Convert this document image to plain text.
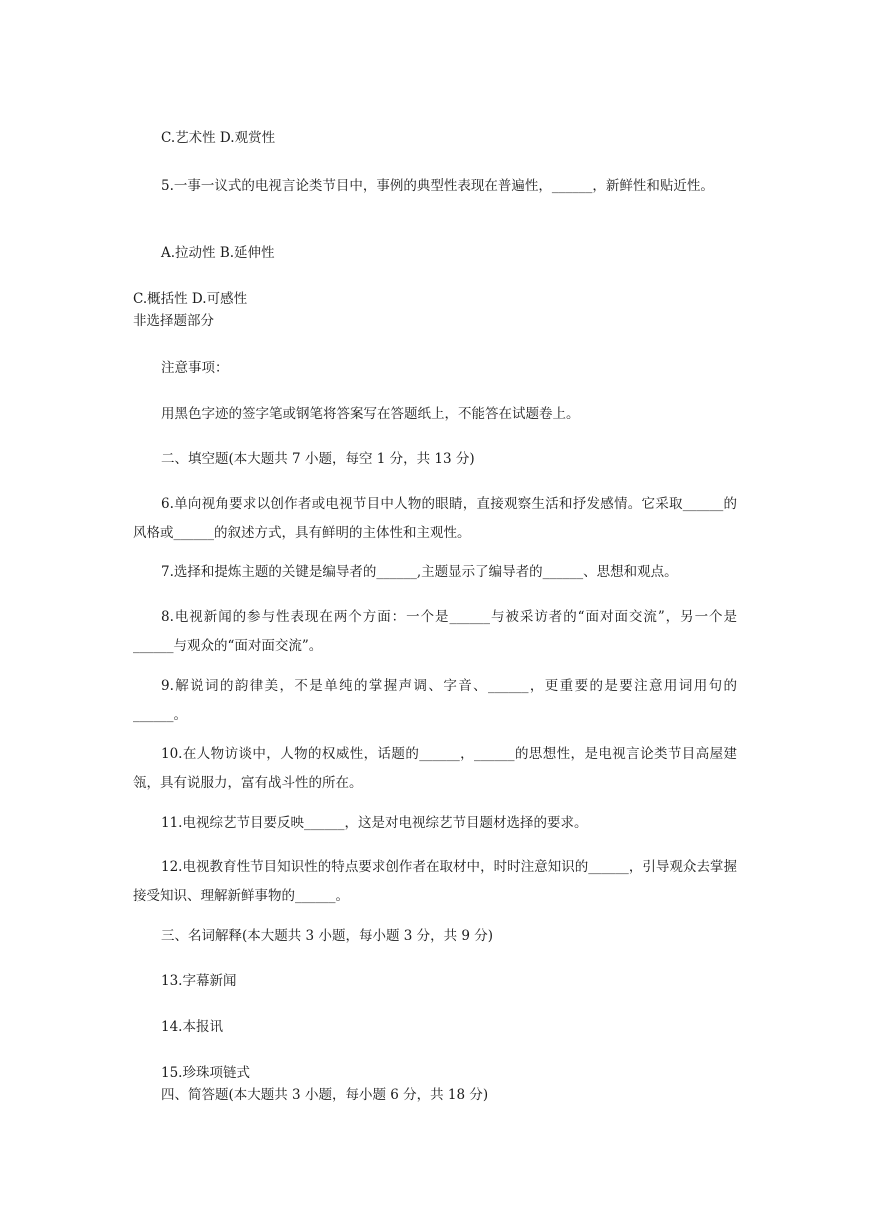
C.艺术性 D.观赏性

5.一事一议式的电视言论类节目中，事例的典型性表现在普遍性，______，新鲜性和贴近性。

A.拉动性 B.延伸性

C.概括性 D.可感性

非选择题部分

注意事项：

用黑色字迹的签字笔或钢笔将答案写在答题纸上，不能答在试题卷上。

二、填空题(本大题共 7 小题，每空 1 分，共 13 分)

6.单向视角要求以创作者或电视节目中人物的眼睛，直接观察生活和抒发感情。它采取______的风格或______的叙述方式，具有鲜明的主体性和主观性。

7.选择和提炼主题的关键是编导者的______,主题显示了编导者的______、思想和观点。

8.电视新闻的参与性表现在两个方面：一个是______与被采访者的“面对面交流”，另一个是______与观众的“面对面交流”。

9.解说词的韵律美，不是单纯的掌握声调、字音、______，更重要的是要注意用词用句的______。

10.在人物访谈中，人物的权威性，话题的______，______的思想性，是电视言论类节目高屋建瓴，具有说服力，富有战斗性的所在。

11.电视综艺节目要反映______，这是对电视综艺节目题材选择的要求。

12.电视教育性节目知识性的特点要求创作者在取材中，时时注意知识的______，引导观众去掌握接受知识、理解新鲜事物的______。

三、名词解释(本大题共 3 小题，每小题 3 分，共 9 分)

13.字幕新闻

14.本报讯

15.珍珠项链式

四、简答题(本大题共 3 小题，每小题 6 分，共 18 分)
